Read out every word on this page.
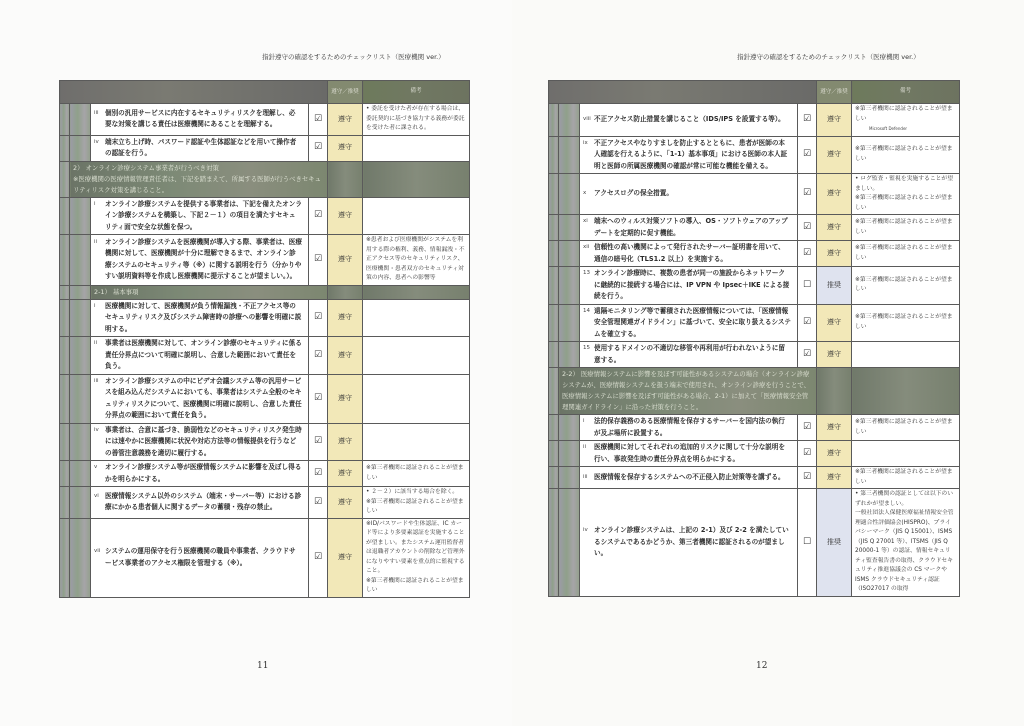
指針遵守の確認をするためのチェックリスト（医療機関 ver.）
				遵守／推奨	備考
		iii 個別の汎用サービスに内在するセキュリティリスクを理解し、必要な対策を講じる責任は医療機関にあることを理解する。	☑	遵守	• 委託を受けた者が存在する場合は、委託契約に基づき協力する義務が委託を受けた者に課される。

		iv 端末立ち上げ時、パスワード認証や生体認証などを用いて操作者の認証を行う。	☑	遵守	

	2） オンライン診療システム事業者が行うべき対策
※医療機関の医療情報管理責任者は、下記を踏まえて、所属する医師が行うべきセキュリティリスク対策を講じること。				

		i オンライン診療システムを提供する事業者は、下記を備えたオンライン診療システムを構築し、下記２－１）の項目を満たすセキュリティ面で安全な状態を保つ。	☑	遵守	
		ii オンライン診療システムを医療機関が導入する際、事業者は、医療機関に対して、医療機関が十分に理解できるまで、オンライン診療システムのセキュリティ等（※）に関する説明を行う（分かりやすい説明資料等を作成し医療機関に提示することが望ましい。）。	☑	遵守	※患者および医療機関がシステムを利用する際の権利、義務、情報漏洩・不正アクセス等のセキュリティリスク、医療機関・患者双方のセキュリティ対策の内容、患者への影響等

		2-1） 基本事項			
		i 医療機関に対して、医療機関が負う情報漏洩・不正アクセス等のセキュリティリスク及びシステム障害時の診療への影響を明確に説明する。	☑	遵守	
		ii 事業者は医療機関に対して、オンライン診療のセキュリティに係る責任分界点について明確に説明し、合意した範囲において責任を負う。	☑	遵守	
		iii オンライン診療システムの中にビデオ会議システム等の汎用サービスを組み込んだシステムにおいても、事業者はシステム全般のセキュリティリスクについて、医療機関に明確に説明し、合意した責任分界点の範囲において責任を負う。	☑	遵守	
		iv 事業者は、合意に基づき、脆弱性などのセキュリティリスク発生時には速やかに医療機関に状況や対応方法等の情報提供を行うなどの善管注意義務を適切に履行する。	☑	遵守	
		v オンライン診療システム等が医療情報システムに影響を及ぼし得るかを明らかにする。	☑	遵守	※第三者機関に認証されることが望ましい

		vi 医療情報システム以外のシステム（端末・サーバー等）における診療にかかる患者個人に関するデータの蓄積・残存の禁止。	☑	遵守	• ２－２）に該当する場合を除く。
※第三者機関に認証されることが望ましい

		vii システムの運用保守を行う医療機関の職員や事業者、クラウドサービス事業者のアクセス権限を管理する（※）。	☑	遵守	※ID/パスワードや生体認証、IC カード等により多要素認証を実施することが望ましい。またシステム運用監督者は退職者アカウントの削除など管理外になりやすい要素を重点的に監視すること。
※第三者機関に認証されることが望ましい
11
指針遵守の確認をするためのチェックリスト（医療機関 ver.）
				遵守／推奨	備考
		viii 不正アクセス防止措置を講じること（IDS/IPS を設置する等）。	☑	遵守	※第三者機関に認証されることが望ましい
Microsoft Defender
		ix 不正アクセスやなりすましを防止するとともに、患者が医師の本人確認を行えるように、「1-1）基本事項」における医師の本人証明と医師の所属医療機関の確認が常に可能な機能を備える。	☑	遵守	※第三者機関に認証されることが望ましい

		x アクセスログの保全措置。	☑	遵守	• ログ監査・監視を実施することが望ましい。
※第三者機関に認証されることが望ましい

		xi 端末へのウィルス対策ソフトの導入、OS・ソフトウェアのアップデートを定期的に促す機能。	☑	遵守	※第三者機関に認証されることが望ましい

		xii 信頼性の高い機関によって発行されたサーバー証明書を用いて、通信の暗号化（TLS1.2 以上）を実施する。	☑	遵守	※第三者機関に認証されることが望ましい

		13 オンライン診療時に、複数の患者が同一の施設からネットワークに継続的に接続する場合には、IP VPN や Ipsec＋IKE による接続を行う。	☐	推奨	※第三者機関に認証されることが望ましい

		14 遠隔モニタリング等で蓄積された医療情報については、「医療情報安全管理関連ガイドライン」に基づいて、安全に取り扱えるシステムを確立する。	☑	遵守	※第三者機関に認証されることが望ましい

		15 使用するドメインの不適切な移管や再利用が行われないように留意する。	☑	遵守	

	2-2） 医療情報システムに影響を及ぼす可能性があるシステムの場合（オンライン診療システムが、医療情報システムを扱う端末で使用され、オンライン診療を行うことで、医療情報システムに影響を及ぼす可能性がある場合、2-1）に加えて「医療情報安全管理関連ガイドライン」に沿った対策を行うこと。				

		i 法的保存義務のある医療情報を保存するサーバーを国内法の執行が及ぶ場所に設置する。	☑	遵守	※第三者機関に認証されることが望ましい

		ii 医療機関に対してそれぞれの追加的リスクに関して十分な説明を行い、事故発生時の責任分界点を明らかにする。	☑	遵守	
		iii 医療情報を保存するシステムへの不正侵入防止対策等を講ずる。	☑	遵守	※第三者機関に認証されることが望ましい

		iv オンライン診療システムは、上記の 2-1）及び 2-2 を満たしているシステムであるかどうか、第三者機関に認証されるのが望ましい。	☐	推奨	• 第三者機関の認証としては以下のいずれかが望ましい。
一般社団法人保健医療福祉情報安全管理適合性評価協会(HISPRO)、プライバシーマーク（JIS Q 15001）、ISMS（JIS Q 27001 等）、ITSMS（JIS Q 20000-1 等）の認証、情報セキュリティ監査報告書の取得、クラウドセキュリティ推進協議会の CS マークや ISMS クラウドセキュリティ認証（ISO27017 の取得
12
